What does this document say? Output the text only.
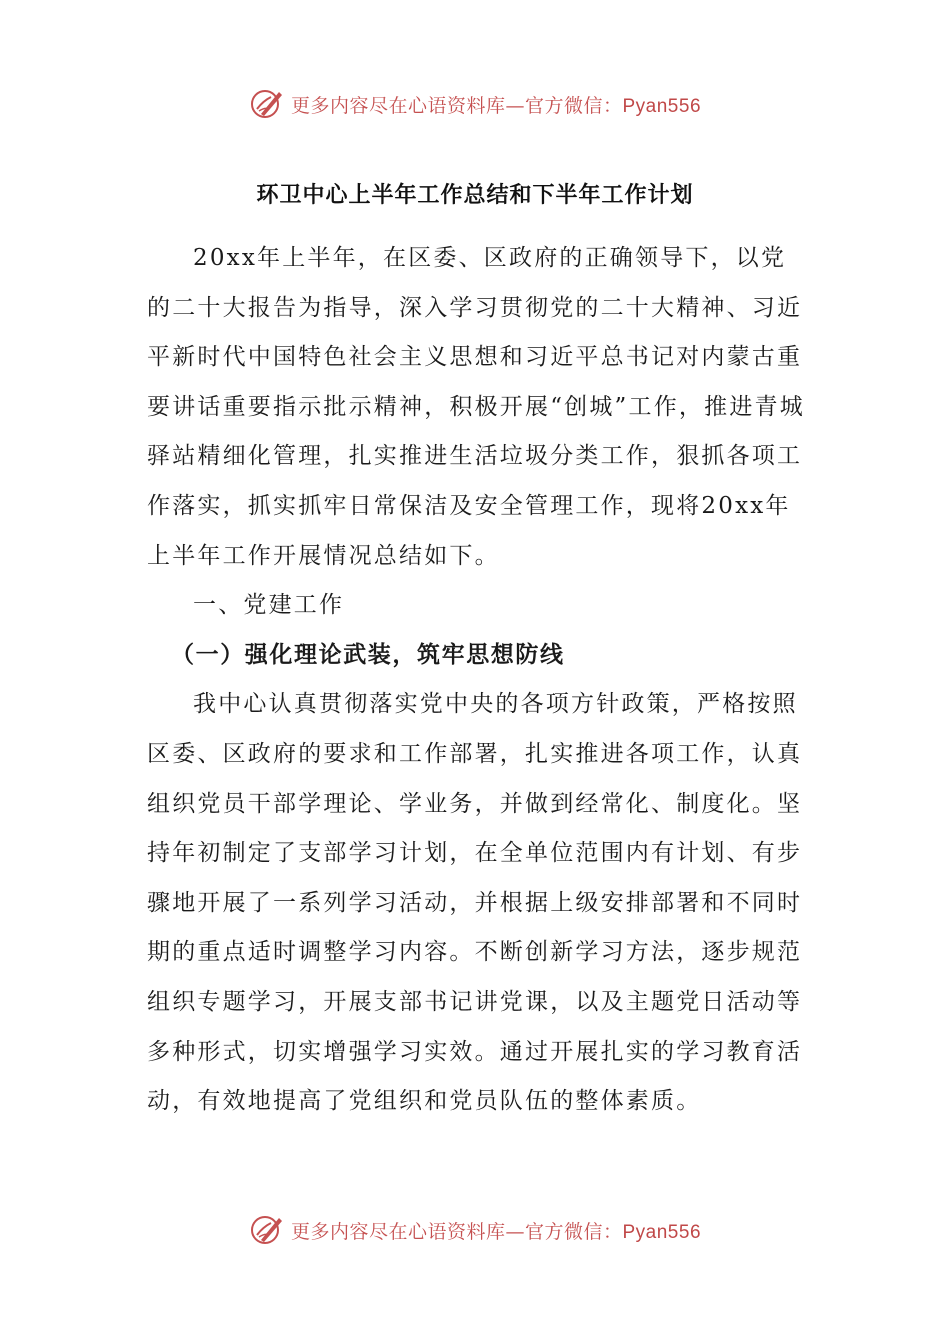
更多内容尽在心语资料库—官方微信：Pyan556
环卫中心上半年工作总结和下半年工作计划

20xx年上半年，在区委、区政府的正确领导下，以党的二十大报告为指导，深入学习贯彻党的二十大精神、习近平新时代中国特色社会主义思想和习近平总书记对内蒙古重要讲话重要指示批示精神，积极开展“创城”工作，推进青城驿站精细化管理，扎实推进生活垃圾分类工作，狠抓各项工作落实，抓实抓牢日常保洁及安全管理工作，现将20xx年上半年工作开展情况总结如下。

一、党建工作

（一）强化理论武装，筑牢思想防线

我中心认真贯彻落实党中央的各项方针政策，严格按照区委、区政府的要求和工作部署，扎实推进各项工作，认真组织党员干部学理论、学业务，并做到经常化、制度化。坚持年初制定了支部学习计划，在全单位范围内有计划、有步骤地开展了一系列学习活动，并根据上级安排部署和不同时期的重点适时调整学习内容。不断创新学习方法，逐步规范组织专题学习，开展支部书记讲党课，以及主题党日活动等多种形式，切实增强学习实效。通过开展扎实的学习教育活动，有效地提高了党组织和党员队伍的整体素质。

更多内容尽在心语资料库—官方微信：Pyan556
